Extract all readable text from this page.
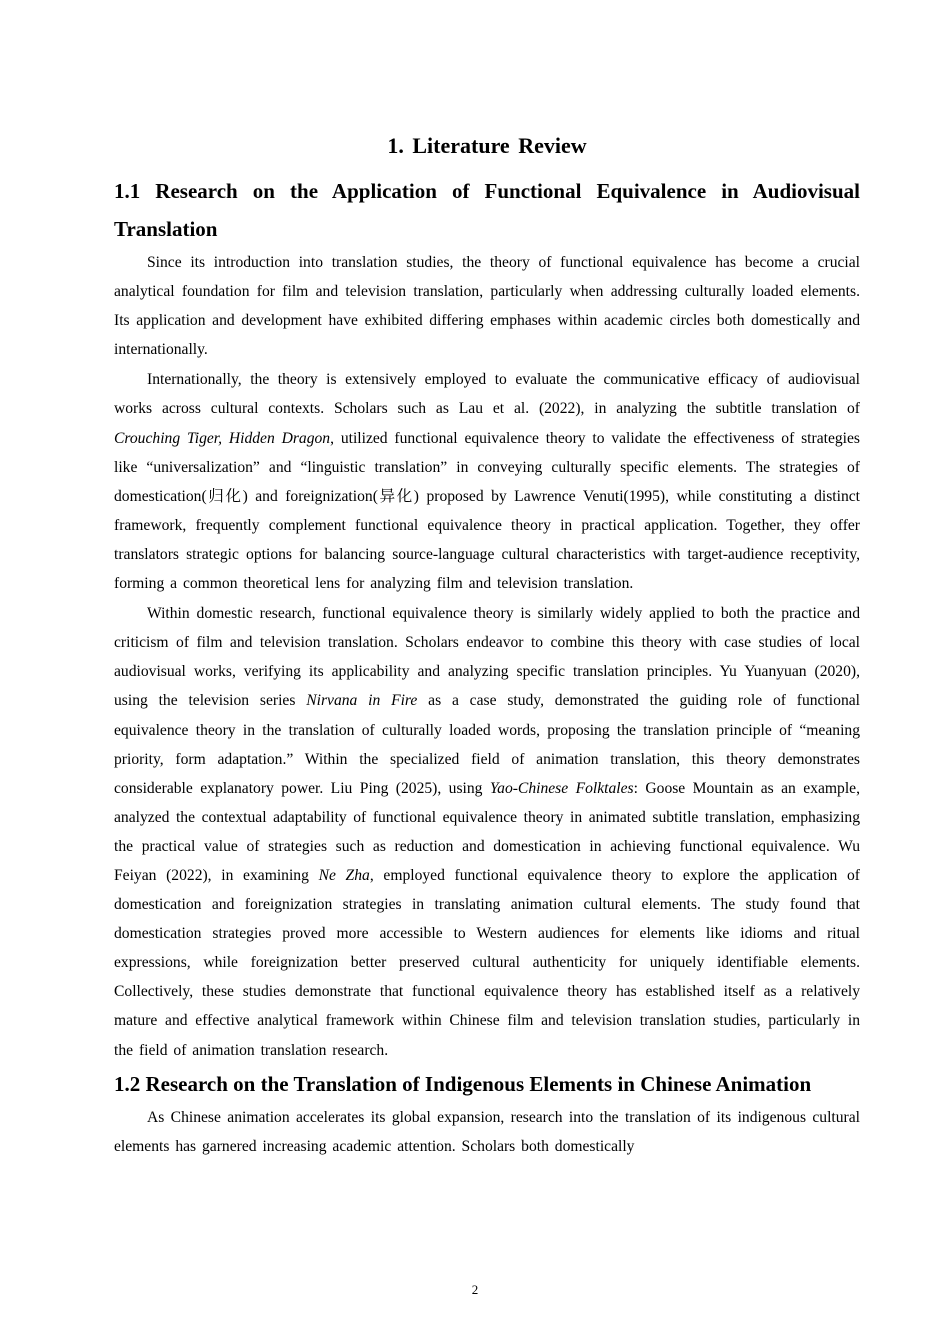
1. Literature Review
1.1 Research on the Application of Functional Equivalence in Audiovisual Translation

Since its introduction into translation studies, the theory of functional equivalence has become a crucial analytical foundation for film and television translation, particularly when addressing culturally loaded elements. Its application and development have exhibited differing emphases within academic circles both domestically and internationally.

Internationally, the theory is extensively employed to evaluate the communicative efficacy of audiovisual works across cultural contexts. Scholars such as Lau et al. (2022), in analyzing the subtitle translation of Crouching Tiger, Hidden Dragon, utilized functional equivalence theory to validate the effectiveness of strategies like “universalization” and “linguistic translation” in conveying culturally specific elements. The strategies of domestication(归化) and foreignization(异化) proposed by Lawrence Venuti(1995), while constituting a distinct framework, frequently complement functional equivalence theory in practical application. Together, they offer translators strategic options for balancing source-language cultural characteristics with target-audience receptivity, forming a common theoretical lens for analyzing film and television translation.

Within domestic research, functional equivalence theory is similarly widely applied to both the practice and criticism of film and television translation. Scholars endeavor to combine this theory with case studies of local audiovisual works, verifying its applicability and analyzing specific translation principles. Yu Yuanyuan (2020), using the television series Nirvana in Fire as a case study, demonstrated the guiding role of functional equivalence theory in the translation of culturally loaded words, proposing the translation principle of “meaning priority, form adaptation.” Within the specialized field of animation translation, this theory demonstrates considerable explanatory power. Liu Ping (2025), using Yao-Chinese Folktales: Goose Mountain as an example, analyzed the contextual adaptability of functional equivalence theory in animated subtitle translation, emphasizing the practical value of strategies such as reduction and domestication in achieving functional equivalence. Wu Feiyan (2022), in examining Ne Zha, employed functional equivalence theory to explore the application of domestication and foreignization strategies in translating animation cultural elements. The study found that domestication strategies proved more accessible to Western audiences for elements like idioms and ritual expressions, while foreignization better preserved cultural authenticity for uniquely identifiable elements. Collectively, these studies demonstrate that functional equivalence theory has established itself as a relatively mature and effective analytical framework within Chinese film and television translation studies, particularly in the field of animation translation research.

1.2 Research on the Translation of Indigenous Elements in Chinese Animation

As Chinese animation accelerates its global expansion, research into the translation of its indigenous cultural elements has garnered increasing academic attention. Scholars both domestically

2
